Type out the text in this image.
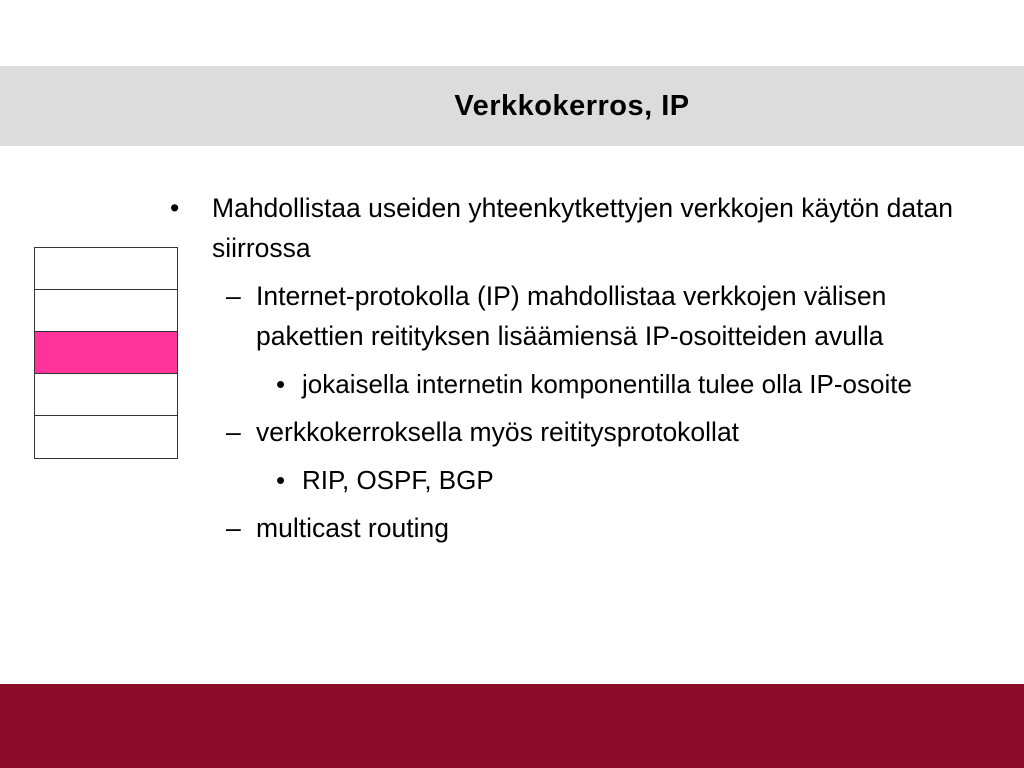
Verkkokerros, IP
• Mahdollistaa useiden yhteenkytkettyjen verkkojen käytön datan siirrossa
– Internet-protokolla (IP) mahdollistaa verkkojen välisen pakettien reitityksen lisäämiensä IP-osoitteiden avulla
• jokaisella internetin komponentilla tulee olla IP-osoite
– verkkokerroksella myös reititysprotokollat
• RIP, OSPF, BGP
– multicast routing
